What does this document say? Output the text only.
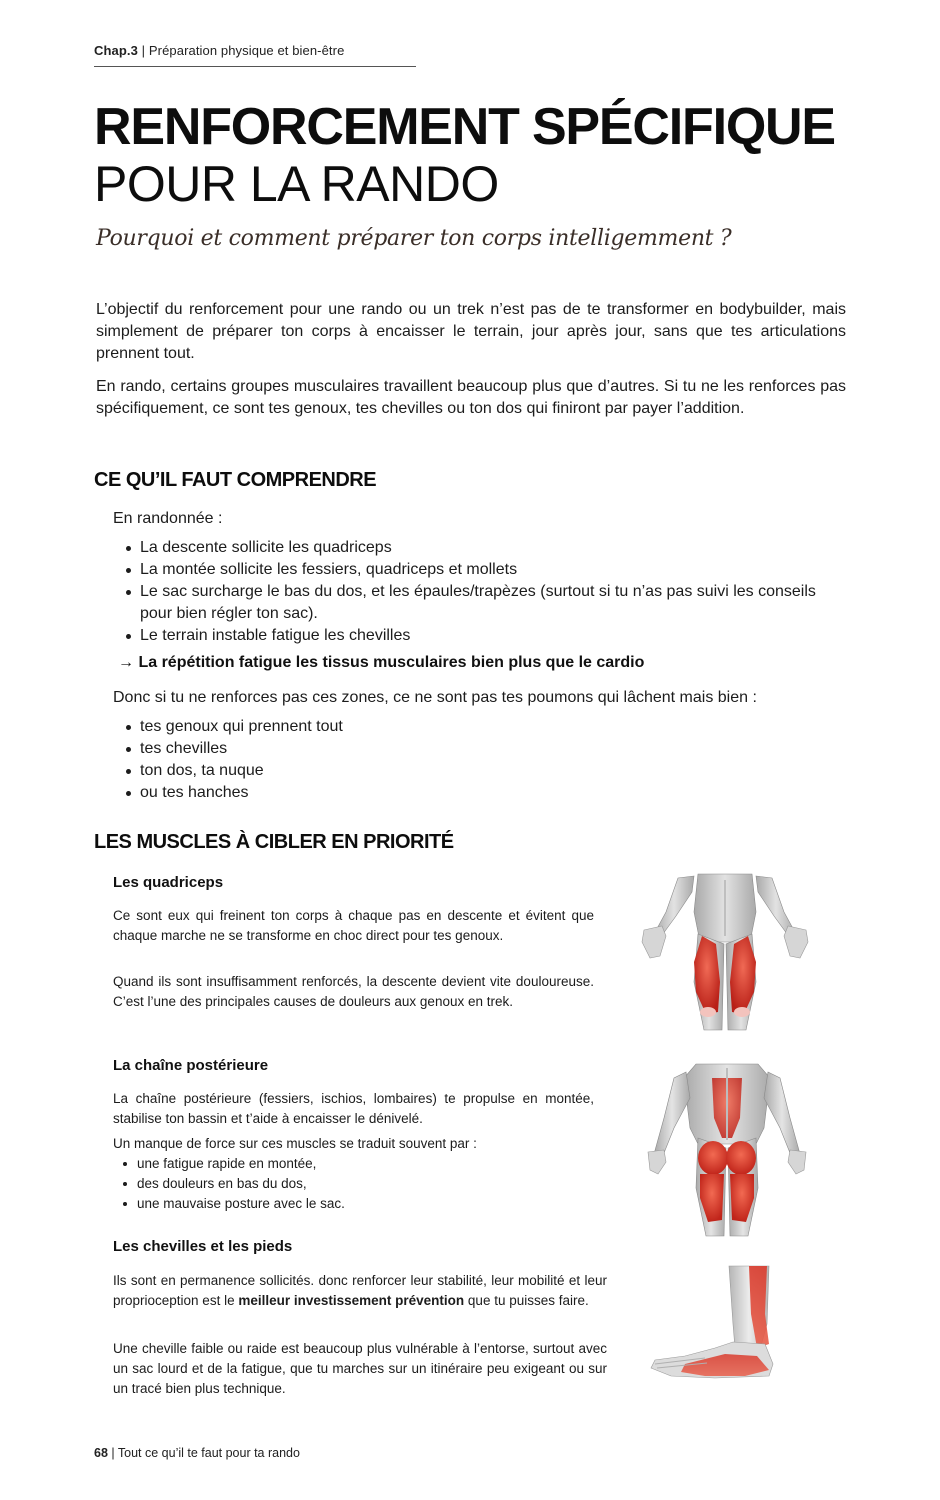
Chap.3 | Préparation physique et bien-être
RENFORCEMENT SPÉCIFIQUE
POUR LA RANDO
Pourquoi et comment préparer ton corps intelligemment ?
L’objectif du renforcement pour une rando ou un trek n’est pas de te transformer en bodybuilder, mais simplement de préparer ton corps à encaisser le terrain, jour après jour, sans que tes articulations prennent tout.
En rando, certains groupes musculaires travaillent beaucoup plus que d’autres. Si tu ne les renforces pas spécifiquement, ce sont tes genoux, tes chevilles ou ton dos qui finiront par payer l’addition.
CE QU’IL FAUT COMPRENDRE
En randonnée :
La descente sollicite les quadriceps
La montée sollicite les fessiers, quadriceps et mollets
Le sac surcharge le bas du dos, et les épaules/trapèzes (surtout si tu n’as pas suivi les conseils pour bien régler ton sac).
Le terrain instable fatigue les chevilles
→ La répétition fatigue les tissus musculaires bien plus que le cardio
Donc si tu ne renforces pas ces zones, ce ne sont pas tes poumons qui lâchent mais bien :
tes genoux qui prennent tout
tes chevilles
ton dos, ta nuque
ou tes hanches
LES MUSCLES À CIBLER EN PRIORITÉ
Les quadriceps
Ce sont eux qui freinent ton corps à chaque pas en descente et évitent que chaque marche ne se transforme en choc direct pour tes genoux.
Quand ils sont insuffisamment renforcés, la descente devient vite douloureuse. C’est l’une des principales causes de douleurs aux genoux en trek.
La chaîne postérieure
La chaîne postérieure (fessiers, ischios, lombaires) te propulse en montée, stabilise ton bassin et t’aide à encaisser le dénivelé.
Un manque de force sur ces muscles se traduit souvent par :
une fatigue rapide en montée,
des douleurs en bas du dos,
une mauvaise posture avec le sac.
Les chevilles et les pieds
Ils sont en permanence sollicités. donc renforcer leur stabilité, leur mobilité et leur proprioception est le meilleur investissement prévention que tu puisses faire.
Une cheville faible ou raide est beaucoup plus vulnérable à l’entorse, surtout avec un sac lourd et de la fatigue, que tu marches sur un itinéraire peu exigeant ou sur un tracé bien plus technique.
68 | Tout ce qu’il te faut pour ta rando
